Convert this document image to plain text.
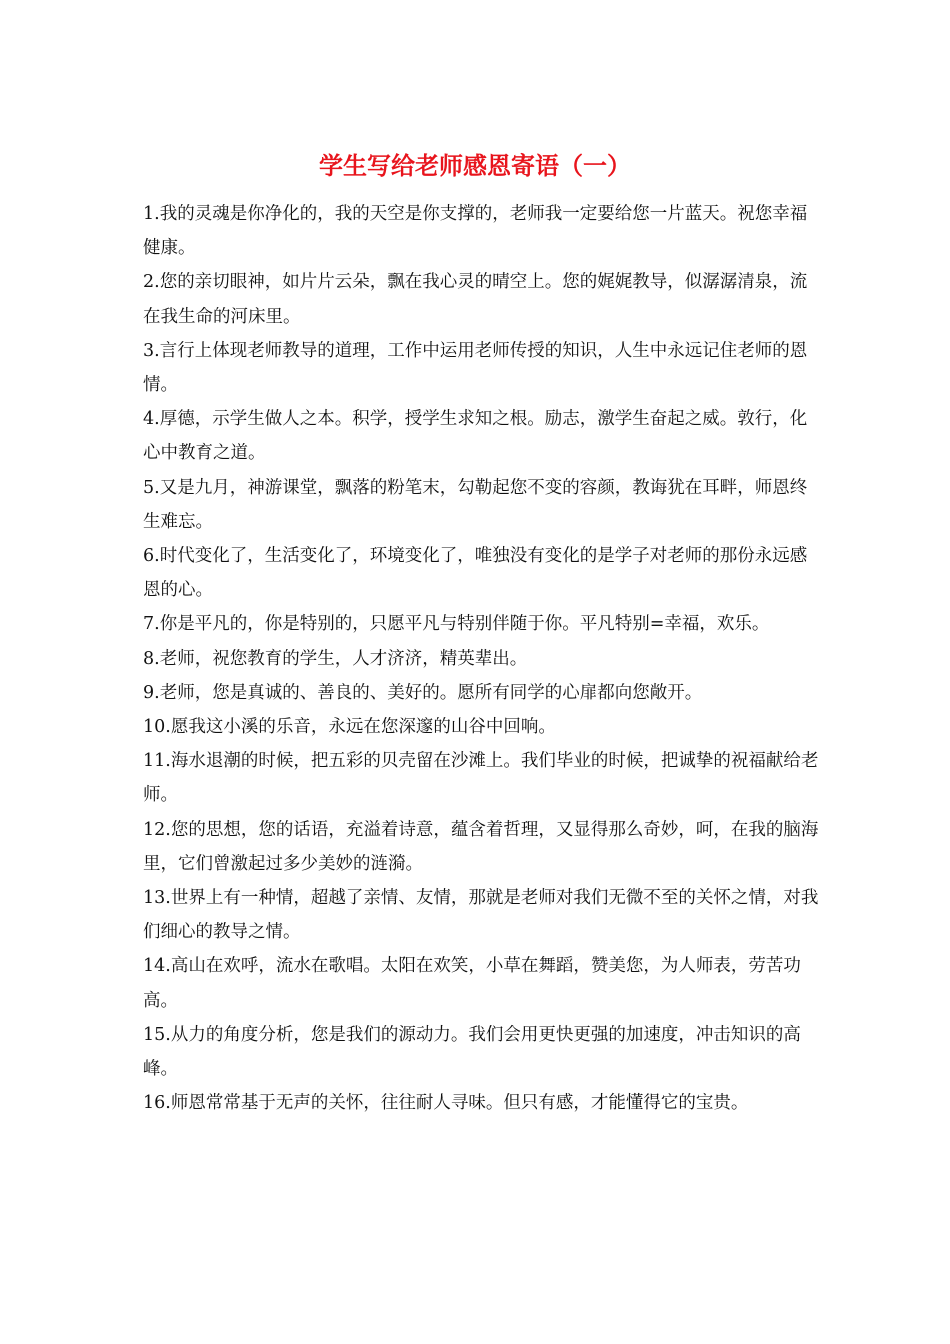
学生写给老师感恩寄语（一）

1.我的灵魂是你净化的，我的天空是你支撑的，老师我一定要给您一片蓝天。祝您幸福健康。

2.您的亲切眼神，如片片云朵，飘在我心灵的晴空上。您的娓娓教导，似潺潺清泉，流在我生命的河床里。

3.言行上体现老师教导的道理，工作中运用老师传授的知识，人生中永远记住老师的恩情。

4.厚德，示学生做人之本。积学，授学生求知之根。励志，激学生奋起之威。敦行，化心中教育之道。

5.又是九月，神游课堂，飘落的粉笔末，勾勒起您不变的容颜，教诲犹在耳畔，师恩终生难忘。

6.时代变化了，生活变化了，环境变化了，唯独没有变化的是学子对老师的那份永远感恩的心。

7.你是平凡的，你是特别的，只愿平凡与特别伴随于你。平凡特别=幸福，欢乐。

8.老师，祝您教育的学生，人才济济，精英辈出。

9.老师，您是真诚的、善良的、美好的。愿所有同学的心扉都向您敞开。

10.愿我这小溪的乐音，永远在您深邃的山谷中回响。

11.海水退潮的时候，把五彩的贝壳留在沙滩上。我们毕业的时候，把诚挚的祝福献给老师。

12.您的思想，您的话语，充溢着诗意，蕴含着哲理，又显得那么奇妙，呵，在我的脑海里，它们曾激起过多少美妙的涟漪。

13.世界上有一种情，超越了亲情、友情，那就是老师对我们无微不至的关怀之情，对我们细心的教导之情。

14.高山在欢呼，流水在歌唱。太阳在欢笑，小草在舞蹈，赞美您，为人师表，劳苦功高。

15.从力的角度分析，您是我们的源动力。我们会用更快更强的加速度，冲击知识的高峰。

16.师恩常常基于无声的关怀，往往耐人寻味。但只有感，才能懂得它的宝贵。
